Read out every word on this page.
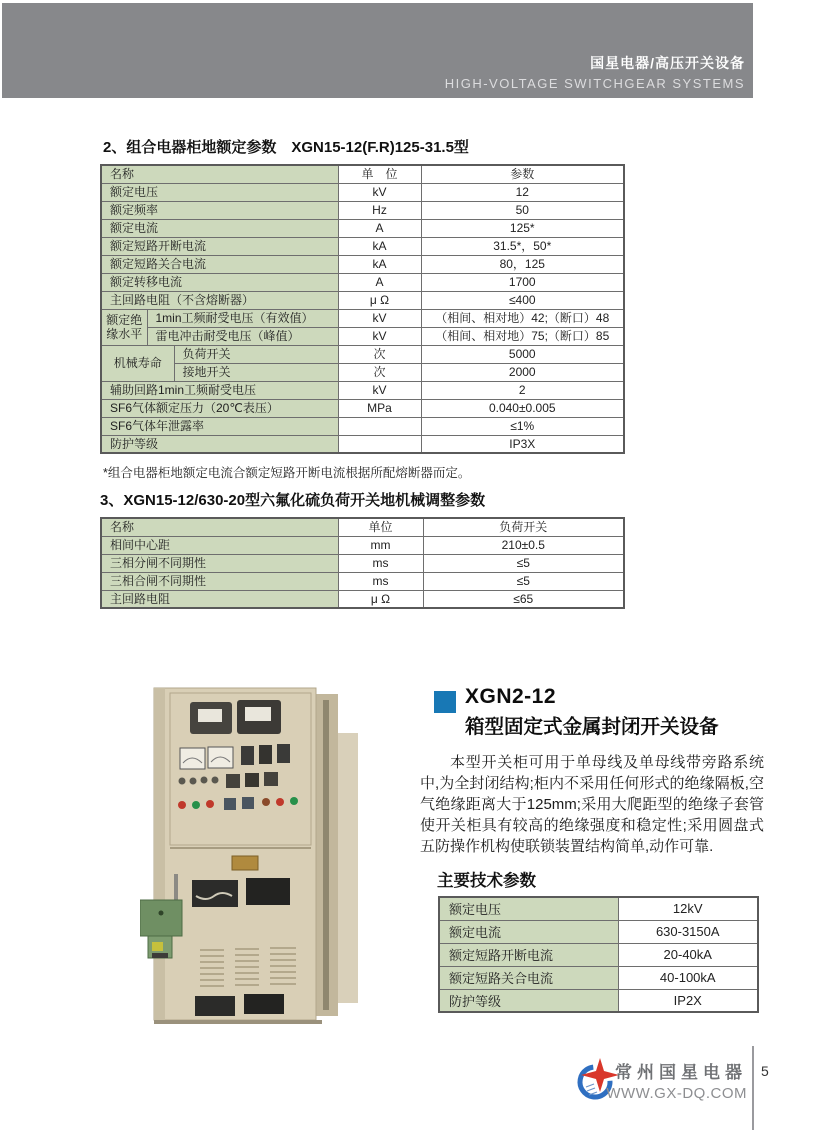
国星电器/高压开关设备
HIGH-VOLTAGE SWITCHGEAR SYSTEMS
2、组合电器柜地额定参数　XGN15-12(F.R)125-31.5型
名称			单　位	参数
额定电压			kV	12
额定频率			Hz	50
额定电流			A	125*
额定短路开断电流			kA	31.5*，50*
额定短路关合电流			kA	80，125
额定转移电流			A	1700
主回路电阻（不含熔断器）			μ Ω	≤400
额定绝缘水平	1min工频耐受电压（有效值）		kV	（相间、相对地）42;（断口）48
	雷电冲击耐受电压（峰值）		kV	（相间、相对地）75;（断口）85
机械寿命		负荷开关	次	5000
		接地开关	次	2000
辅助回路1min工频耐受电压			kV	2
SF6气体额定压力（20℃表压）			MPa	0.040±0.005
SF6气体年泄露率				≤1%
防护等级				IP3X
*组合电器柜地额定电流合额定短路开断电流根据所配熔断器而定。
3、XGN15-12/630-20型六氟化硫负荷开关地机械调整参数
名称	单位	负荷开关
相间中心距	mm	210±0.5
三相分闸不同期性	ms	≤5
三相合闸不同期性	ms	≤5
主回路电阻	μ Ω	≤65
XGN2-12
箱型固定式金属封闭开关设备
本型开关柜可用于单母线及单母线带旁路系统中,为全封闭结构;柜内不采用任何形式的绝缘隔板,空气绝缘距离大于125mm;采用大爬距型的绝缘子套管使开关柜具有较高的绝缘强度和稳定性;采用圆盘式五防操作机构使联锁装置结构简单,动作可靠.
主要技术参数
额定电压	12kV
额定电流	630-3150A
额定短路开断电流	20-40kA
额定短路关合电流	40-100kA
防护等级	IP2X
常州国星电器
WWW.GX-DQ.COM
5
